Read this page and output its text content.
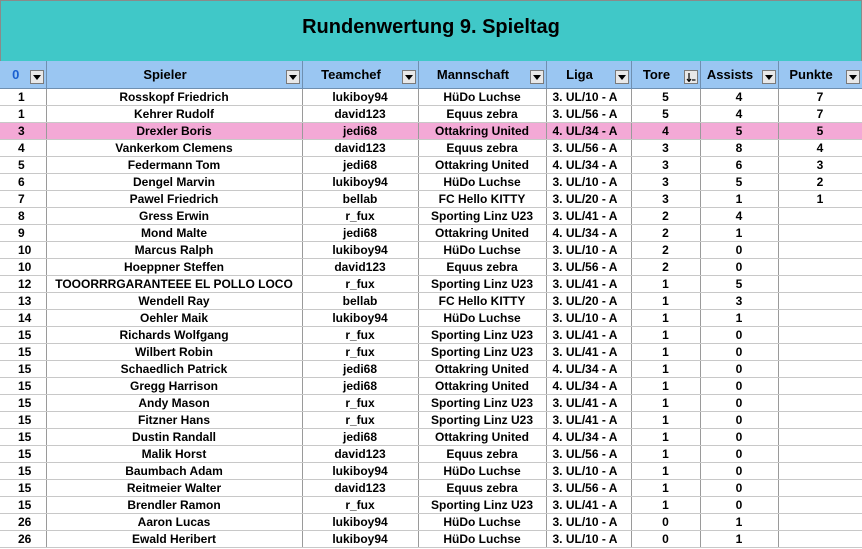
Rundenwertung 9. Spieltag
0	Spieler	Teamchef	Mannschaft	Liga	Tore	Assists	Punkte

1	Rosskopf Friedrich	lukiboy94	HüDo Luchse	3. UL/10 - A	5	4	7
1	Kehrer Rudolf	david123	Equus zebra	3. UL/56 - A	5	4	7
3	Drexler Boris	jedi68	Ottakring United	4. UL/34 - A	4	5	5
4	Vankerkom Clemens	david123	Equus zebra	3. UL/56 - A	3	8	4
5	Federmann Tom	jedi68	Ottakring United	4. UL/34 - A	3	6	3
6	Dengel Marvin	lukiboy94	HüDo Luchse	3. UL/10 - A	3	5	2
7	Pawel Friedrich	bellab	FC Hello KITTY	3. UL/20 - A	3	1	1
8	Gress Erwin	r_fux	Sporting Linz U23	3. UL/41 - A	2	4	
9	Mond Malte	jedi68	Ottakring United	4. UL/34 - A	2	1	
10	Marcus Ralph	lukiboy94	HüDo Luchse	3. UL/10 - A	2	0	
10	Hoeppner Steffen	david123	Equus zebra	3. UL/56 - A	2	0	
12	TOOORRRGARANTEEE EL POLLO LOCO	r_fux	Sporting Linz U23	3. UL/41 - A	1	5	
13	Wendell Ray	bellab	FC Hello KITTY	3. UL/20 - A	1	3	
14	Oehler Maik	lukiboy94	HüDo Luchse	3. UL/10 - A	1	1	
15	Richards Wolfgang	r_fux	Sporting Linz U23	3. UL/41 - A	1	0	
15	Wilbert Robin	r_fux	Sporting Linz U23	3. UL/41 - A	1	0	
15	Schaedlich Patrick	jedi68	Ottakring United	4. UL/34 - A	1	0	
15	Gregg Harrison	jedi68	Ottakring United	4. UL/34 - A	1	0	
15	Andy Mason	r_fux	Sporting Linz U23	3. UL/41 - A	1	0	
15	Fitzner Hans	r_fux	Sporting Linz U23	3. UL/41 - A	1	0	
15	Dustin Randall	jedi68	Ottakring United	4. UL/34 - A	1	0	
15	Malik Horst	david123	Equus zebra	3. UL/56 - A	1	0	
15	Baumbach Adam	lukiboy94	HüDo Luchse	3. UL/10 - A	1	0	
15	Reitmeier Walter	david123	Equus zebra	3. UL/56 - A	1	0	
15	Brendler Ramon	r_fux	Sporting Linz U23	3. UL/41 - A	1	0	
26	Aaron Lucas	lukiboy94	HüDo Luchse	3. UL/10 - A	0	1	
26	Ewald Heribert	lukiboy94	HüDo Luchse	3. UL/10 - A	0	1	
